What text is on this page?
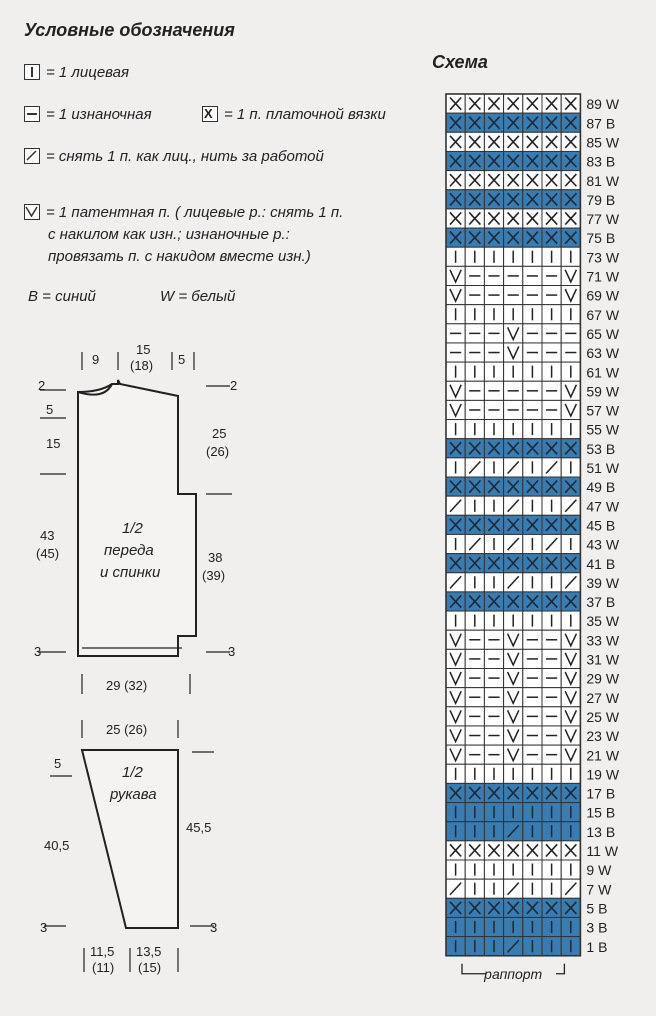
Условные обозначения
= 1 лицевая
= 1 изнаночная	X = 1 п. платочной вязки
= снять 1 п. как лиц., нить за работой
= 1 патентная п. ( лицевые р.: снять 1 п.
с накилом как изн.; изнаночные р.:
провязать п. с накидом вместе изн.)
В = синий	W = белый
9
15
(18) 5
2
5
15
43
(45)
3
2
25
(26)
38
(39)
3
1/2
переда
и спинки
29 (32)
25 (26)
5
40,5
3
45,5
3
1/2
рукава
11,5
(11)
13,5
(15)
Схема
89 W
87 B
85 W
83 B
81 W
79 B
77 W
75 B
73 W
71 W
69 W
67 W
65 W
63 W
61 W
59 W
57 W
55 W
53 B
51 W
49 B
47 W
45 B
43 W
41 B
39 W
37 B
35 W
33 W
31 W
29 W
27 W
25 W
23 W
21 W
19 W
17 B
15 B
13 B
11 W
9 W
7 W
5 B
3 B
1 B
раппорт
